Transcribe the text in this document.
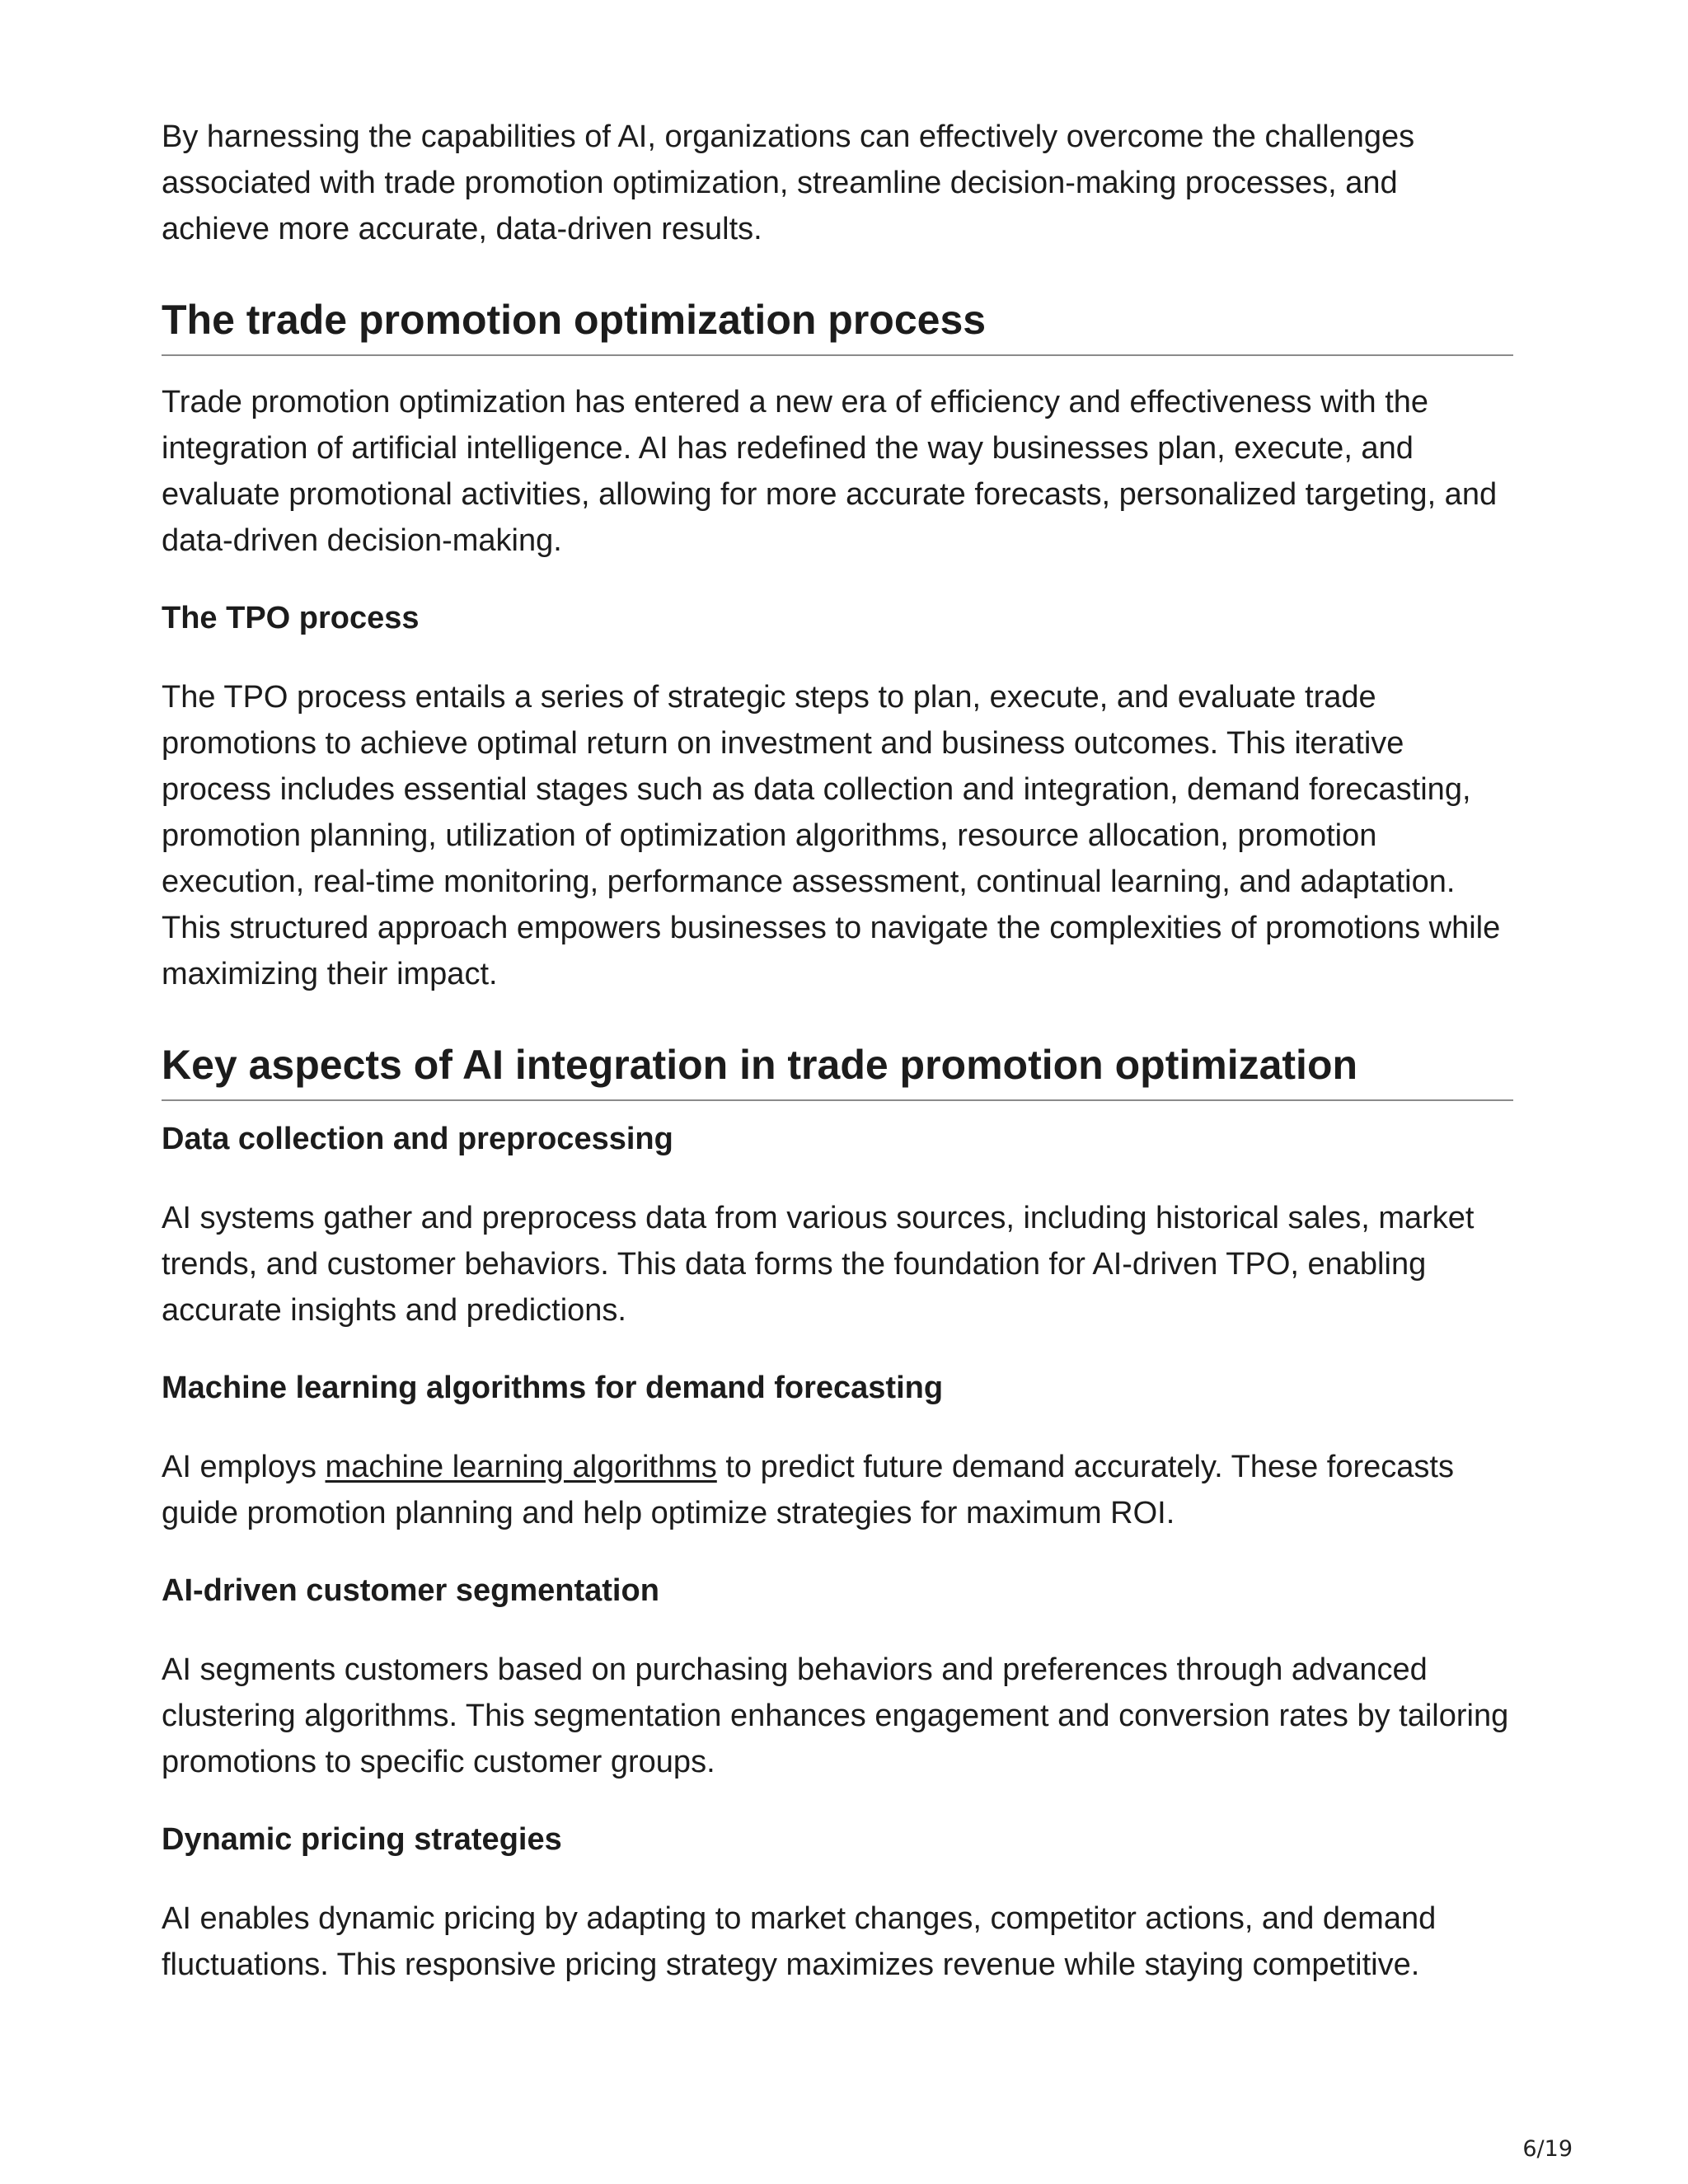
By harnessing the capabilities of AI, organizations can effectively overcome the challenges associated with trade promotion optimization, streamline decision-making processes, and achieve more accurate, data-driven results.

The trade promotion optimization process

Trade promotion optimization has entered a new era of efficiency and effectiveness with the integration of artificial intelligence. AI has redefined the way businesses plan, execute, and evaluate promotional activities, allowing for more accurate forecasts, personalized targeting, and data-driven decision-making.

The TPO process

The TPO process entails a series of strategic steps to plan, execute, and evaluate trade promotions to achieve optimal return on investment and business outcomes. This iterative process includes essential stages such as data collection and integration, demand forecasting, promotion planning, utilization of optimization algorithms, resource allocation, promotion execution, real-time monitoring, performance assessment, continual learning, and adaptation. This structured approach empowers businesses to navigate the complexities of promotions while maximizing their impact.

Key aspects of AI integration in trade promotion optimization
Data collection and preprocessing

AI systems gather and preprocess data from various sources, including historical sales, market trends, and customer behaviors. This data forms the foundation for AI-driven TPO, enabling accurate insights and predictions.

Machine learning algorithms for demand forecasting

AI employs machine learning algorithms to predict future demand accurately. These forecasts guide promotion planning and help optimize strategies for maximum ROI.

AI-driven customer segmentation

AI segments customers based on purchasing behaviors and preferences through advanced clustering algorithms. This segmentation enhances engagement and conversion rates by tailoring promotions to specific customer groups.

Dynamic pricing strategies

AI enables dynamic pricing by adapting to market changes, competitor actions, and demand fluctuations. This responsive pricing strategy maximizes revenue while staying competitive.

6/19
